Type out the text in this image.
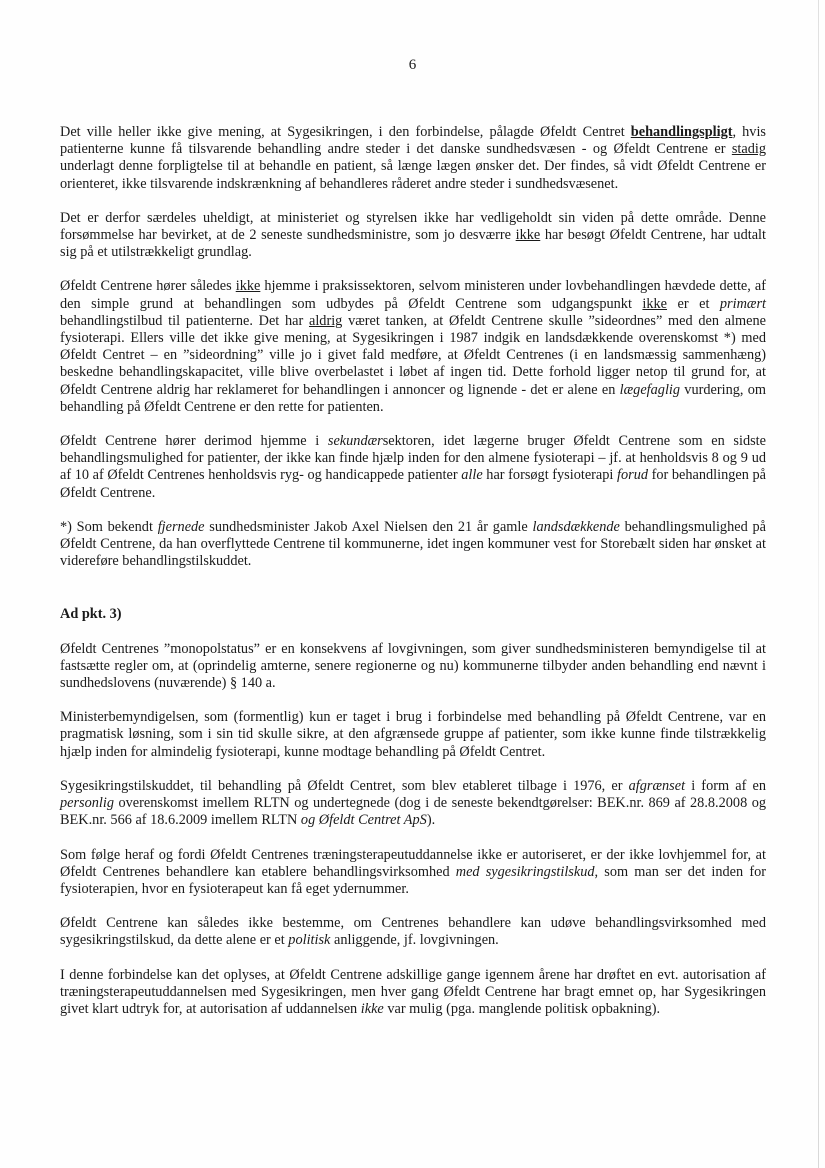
6

Det ville heller ikke give mening, at Sygesikringen, i den forbindelse, pålagde Øfeldt Centret behandlingspligt, hvis patienterne kunne få tilsvarende behandling andre steder i det danske sundhedsvæsen - og Øfeldt Centrene er stadig underlagt denne forpligtelse til at behandle en patient, så længe lægen ønsker det. Der findes, så vidt Øfeldt Centrene er orienteret, ikke tilsvarende indskrænkning af behandleres råderet andre steder i sundhedsvæsenet.

Det er derfor særdeles uheldigt, at ministeriet og styrelsen ikke har vedligeholdt sin viden på dette område. Denne forsømmelse har bevirket, at de 2 seneste sundhedsministre, som jo desværre ikke har besøgt Øfeldt Centrene, har udtalt sig på et utilstrækkeligt grundlag.

Øfeldt Centrene hører således ikke hjemme i praksissektoren, selvom ministeren under lovbehandlingen hævdede dette, af den simple grund at behandlingen som udbydes på Øfeldt Centrene som udgangspunkt ikke er et primært behandlingstilbud til patienterne. Det har aldrig været tanken, at Øfeldt Centrene skulle ”sideordnes” med den almene fysioterapi. Ellers ville det ikke give mening, at Sygesikringen i 1987 indgik en landsdækkende overenskomst *) med Øfeldt Centret – en ”sideordning” ville jo i givet fald medføre, at Øfeldt Centrenes (i en landsmæssig sammenhæng) beskedne behandlingskapacitet, ville blive overbelastet i løbet af ingen tid. Dette forhold ligger netop til grund for, at Øfeldt Centrene aldrig har reklameret for behandlingen i annoncer og lignende - det er alene en lægefaglig vurdering, om behandling på Øfeldt Centrene er den rette for patienten.

Øfeldt Centrene hører derimod hjemme i sekundærsektoren, idet lægerne bruger Øfeldt Centrene som en sidste behandlingsmulighed for patienter, der ikke kan finde hjælp inden for den almene fysioterapi – jf. at henholdsvis 8 og 9 ud af 10 af Øfeldt Centrenes henholdsvis ryg- og handicappede patienter alle har forsøgt fysioterapi forud for behandlingen på Øfeldt Centrene.

*) Som bekendt fjernede sundhedsminister Jakob Axel Nielsen den 21 år gamle landsdækkende behandlingsmulighed på Øfeldt Centrene, da han overflyttede Centrene til kommunerne, idet ingen kommuner vest for Storebælt siden har ønsket at videreføre behandlingstilskuddet.

Ad pkt. 3)

Øfeldt Centrenes ”monopolstatus” er en konsekvens af lovgivningen, som giver sundhedsministeren bemyndigelse til at fastsætte regler om, at (oprindelig amterne, senere regionerne og nu) kommunerne tilbyder anden behandling end nævnt i sundhedslovens (nuværende) § 140 a.

Ministerbemyndigelsen, som (formentlig) kun er taget i brug i forbindelse med behandling på Øfeldt Centrene, var en pragmatisk løsning, som i sin tid skulle sikre, at den afgrænsede gruppe af patienter, som ikke kunne finde tilstrækkelig hjælp inden for almindelig fysioterapi, kunne modtage behandling på Øfeldt Centret.

Sygesikringstilskuddet, til behandling på Øfeldt Centret, som blev etableret tilbage i 1976, er afgrænset i form af en personlig overenskomst imellem RLTN og undertegnede (dog i de seneste bekendtgørelser: BEK.nr. 869 af 28.8.2008 og BEK.nr. 566 af 18.6.2009 imellem RLTN og Øfeldt Centret ApS).

Som følge heraf og fordi Øfeldt Centrenes træningsterapeutuddannelse ikke er autoriseret, er der ikke lovhjemmel for, at Øfeldt Centrenes behandlere kan etablere behandlingsvirksomhed med sygesikringstilskud, som man ser det inden for fysioterapien, hvor en fysioterapeut kan få eget ydernummer.

Øfeldt Centrene kan således ikke bestemme, om Centrenes behandlere kan udøve behandlingsvirksomhed med sygesikringstilskud, da dette alene er et politisk anliggende, jf. lovgivningen.

I denne forbindelse kan det oplyses, at Øfeldt Centrene adskillige gange igennem årene har drøftet en evt. autorisation af træningsterapeutuddannelsen med Sygesikringen, men hver gang Øfeldt Centrene har bragt emnet op, har Sygesikringen givet klart udtryk for, at autorisation af uddannelsen ikke var mulig (pga. manglende politisk opbakning).
